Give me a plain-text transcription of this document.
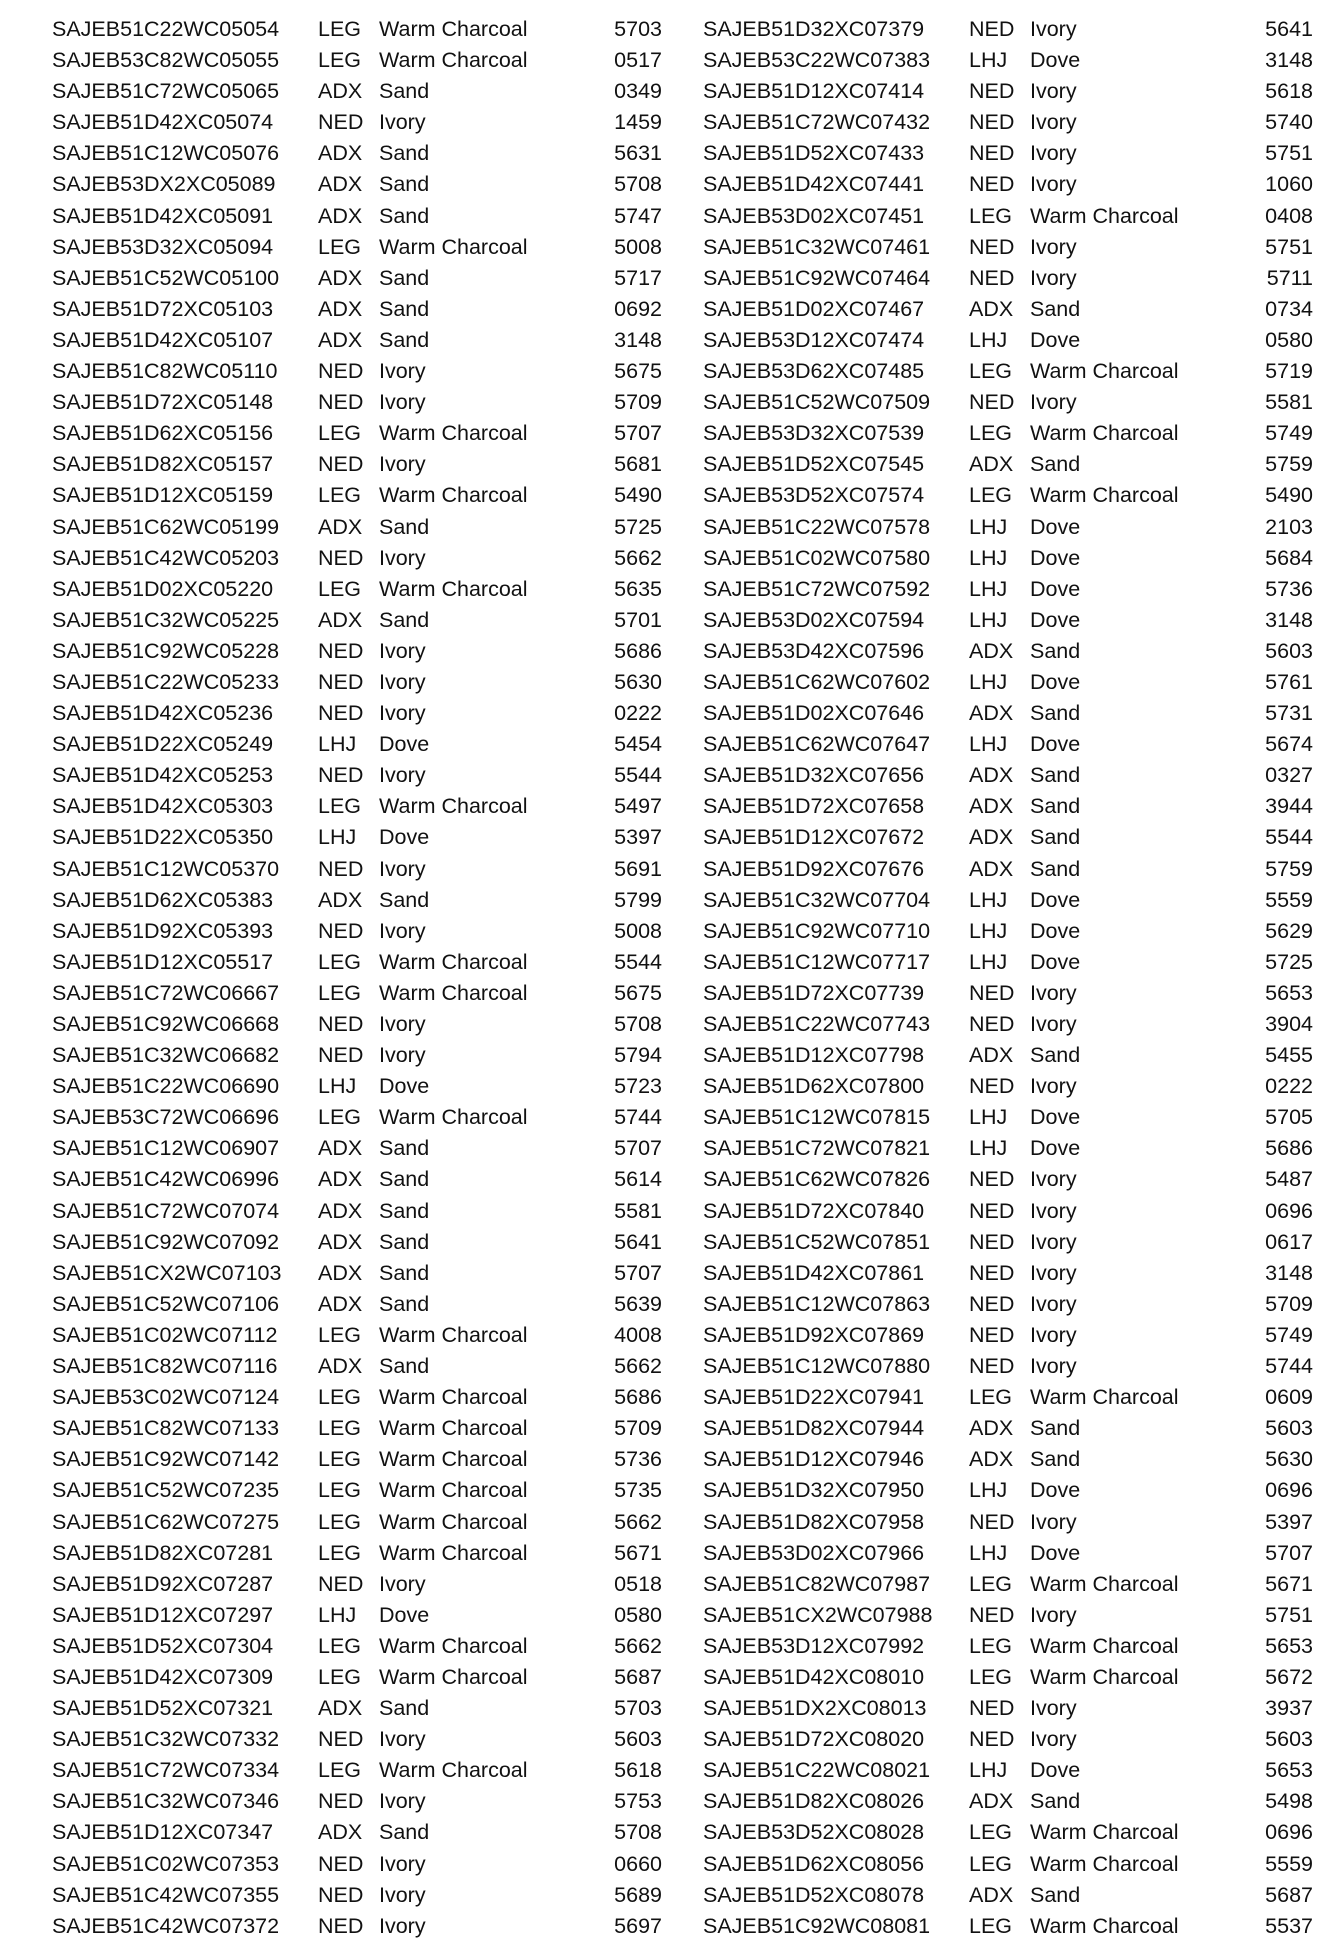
SAJEB51C22WC05054 LEG Warm Charcoal	5703
SAJEB53C82WC05055 LEG Warm Charcoal	0517
SAJEB51C72WC05065 ADX Sand	0349
SAJEB51D42XC05074 NED Ivory	1459
SAJEB51C12WC05076 ADX Sand	5631
SAJEB53DX2XC05089 ADX Sand	5708
SAJEB51D42XC05091 ADX Sand	5747
SAJEB53D32XC05094 LEG Warm Charcoal	5008
SAJEB51C52WC05100 ADX Sand	5717
SAJEB51D72XC05103 ADX Sand	0692
SAJEB51D42XC05107 ADX Sand	3148
SAJEB51C82WC05110 NED Ivory	5675
SAJEB51D72XC05148 NED Ivory	5709
SAJEB51D62XC05156 LEG Warm Charcoal	5707
SAJEB51D82XC05157 NED Ivory	5681
SAJEB51D12XC05159 LEG Warm Charcoal	5490
SAJEB51C62WC05199 ADX Sand	5725
SAJEB51C42WC05203 NED Ivory	5662
SAJEB51D02XC05220 LEG Warm Charcoal	5635
SAJEB51C32WC05225 ADX Sand	5701
SAJEB51C92WC05228 NED Ivory	5686
SAJEB51C22WC05233 NED Ivory	5630
SAJEB51D42XC05236 NED Ivory	0222
SAJEB51D22XC05249 LHJ Dove	5454
SAJEB51D42XC05253 NED Ivory	5544
SAJEB51D42XC05303 LEG Warm Charcoal	5497
SAJEB51D22XC05350 LHJ Dove	5397
SAJEB51C12WC05370 NED Ivory	5691
SAJEB51D62XC05383 ADX Sand	5799
SAJEB51D92XC05393 NED Ivory	5008
SAJEB51D12XC05517 LEG Warm Charcoal	5544
SAJEB51C72WC06667 LEG Warm Charcoal	5675
SAJEB51C92WC06668 NED Ivory	5708
SAJEB51C32WC06682 NED Ivory	5794
SAJEB51C22WC06690 LHJ Dove	5723
SAJEB53C72WC06696 LEG Warm Charcoal	5744
SAJEB51C12WC06907 ADX Sand	5707
SAJEB51C42WC06996 ADX Sand	5614
SAJEB51C72WC07074 ADX Sand	5581
SAJEB51C92WC07092 ADX Sand	5641
SAJEB51CX2WC07103 ADX Sand	5707
SAJEB51C52WC07106 ADX Sand	5639
SAJEB51C02WC07112 LEG Warm Charcoal	4008
SAJEB51C82WC07116 ADX Sand	5662
SAJEB53C02WC07124 LEG Warm Charcoal	5686
SAJEB51C82WC07133 LEG Warm Charcoal	5709
SAJEB51C92WC07142 LEG Warm Charcoal	5736
SAJEB51C52WC07235 LEG Warm Charcoal	5735
SAJEB51C62WC07275 LEG Warm Charcoal	5662
SAJEB51D82XC07281 LEG Warm Charcoal	5671
SAJEB51D92XC07287 NED Ivory	0518
SAJEB51D12XC07297 LHJ Dove	0580
SAJEB51D52XC07304 LEG Warm Charcoal	5662
SAJEB51D42XC07309 LEG Warm Charcoal	5687
SAJEB51D52XC07321 ADX Sand	5703
SAJEB51C32WC07332 NED Ivory	5603
SAJEB51C72WC07334 LEG Warm Charcoal	5618
SAJEB51C32WC07346 NED Ivory	5753
SAJEB51D12XC07347 ADX Sand	5708
SAJEB51C02WC07353 NED Ivory	0660
SAJEB51C42WC07355 NED Ivory	5689
SAJEB51C42WC07372 NED Ivory	5697
SAJEB51D32XC07379 NED Ivory	5641
SAJEB53C22WC07383 LHJ Dove	3148
SAJEB51D12XC07414 NED Ivory	5618
SAJEB51C72WC07432 NED Ivory	5740
SAJEB51D52XC07433 NED Ivory	5751
SAJEB51D42XC07441 NED Ivory	1060
SAJEB53D02XC07451 LEG Warm Charcoal	0408
SAJEB51C32WC07461 NED Ivory	5751
SAJEB51C92WC07464 NED Ivory	5711
SAJEB51D02XC07467 ADX Sand	0734
SAJEB53D12XC07474 LHJ Dove	0580
SAJEB53D62XC07485 LEG Warm Charcoal	5719
SAJEB51C52WC07509 NED Ivory	5581
SAJEB53D32XC07539 LEG Warm Charcoal	5749
SAJEB51D52XC07545 ADX Sand	5759
SAJEB53D52XC07574 LEG Warm Charcoal	5490
SAJEB51C22WC07578 LHJ Dove	2103
SAJEB51C02WC07580 LHJ Dove	5684
SAJEB51C72WC07592 LHJ Dove	5736
SAJEB53D02XC07594 LHJ Dove	3148
SAJEB53D42XC07596 ADX Sand	5603
SAJEB51C62WC07602 LHJ Dove	5761
SAJEB51D02XC07646 ADX Sand	5731
SAJEB51C62WC07647 LHJ Dove	5674
SAJEB51D32XC07656 ADX Sand	0327
SAJEB51D72XC07658 ADX Sand	3944
SAJEB51D12XC07672 ADX Sand	5544
SAJEB51D92XC07676 ADX Sand	5759
SAJEB51C32WC07704 LHJ Dove	5559
SAJEB51C92WC07710 LHJ Dove	5629
SAJEB51C12WC07717 LHJ Dove	5725
SAJEB51D72XC07739 NED Ivory	5653
SAJEB51C22WC07743 NED Ivory	3904
SAJEB51D12XC07798 ADX Sand	5455
SAJEB51D62XC07800 NED Ivory	0222
SAJEB51C12WC07815 LHJ Dove	5705
SAJEB51C72WC07821 LHJ Dove	5686
SAJEB51C62WC07826 NED Ivory	5487
SAJEB51D72XC07840 NED Ivory	0696
SAJEB51C52WC07851 NED Ivory	0617
SAJEB51D42XC07861 NED Ivory	3148
SAJEB51C12WC07863 NED Ivory	5709
SAJEB51D92XC07869 NED Ivory	5749
SAJEB51C12WC07880 NED Ivory	5744
SAJEB51D22XC07941 LEG Warm Charcoal	0609
SAJEB51D82XC07944 ADX Sand	5603
SAJEB51D12XC07946 ADX Sand	5630
SAJEB51D32XC07950 LHJ Dove	0696
SAJEB51D82XC07958 NED Ivory	5397
SAJEB53D02XC07966 LHJ Dove	5707
SAJEB51C82WC07987 LEG Warm Charcoal	5671
SAJEB51CX2WC07988 NED Ivory	5751
SAJEB53D12XC07992 LEG Warm Charcoal	5653
SAJEB51D42XC08010 LEG Warm Charcoal	5672
SAJEB51DX2XC08013 NED Ivory	3937
SAJEB51D72XC08020 NED Ivory	5603
SAJEB51C22WC08021 LHJ Dove	5653
SAJEB51D82XC08026 ADX Sand	5498
SAJEB53D52XC08028 LEG Warm Charcoal	0696
SAJEB51D62XC08056 LEG Warm Charcoal	5559
SAJEB51D52XC08078 ADX Sand	5687
SAJEB51C92WC08081 LEG Warm Charcoal	5537
